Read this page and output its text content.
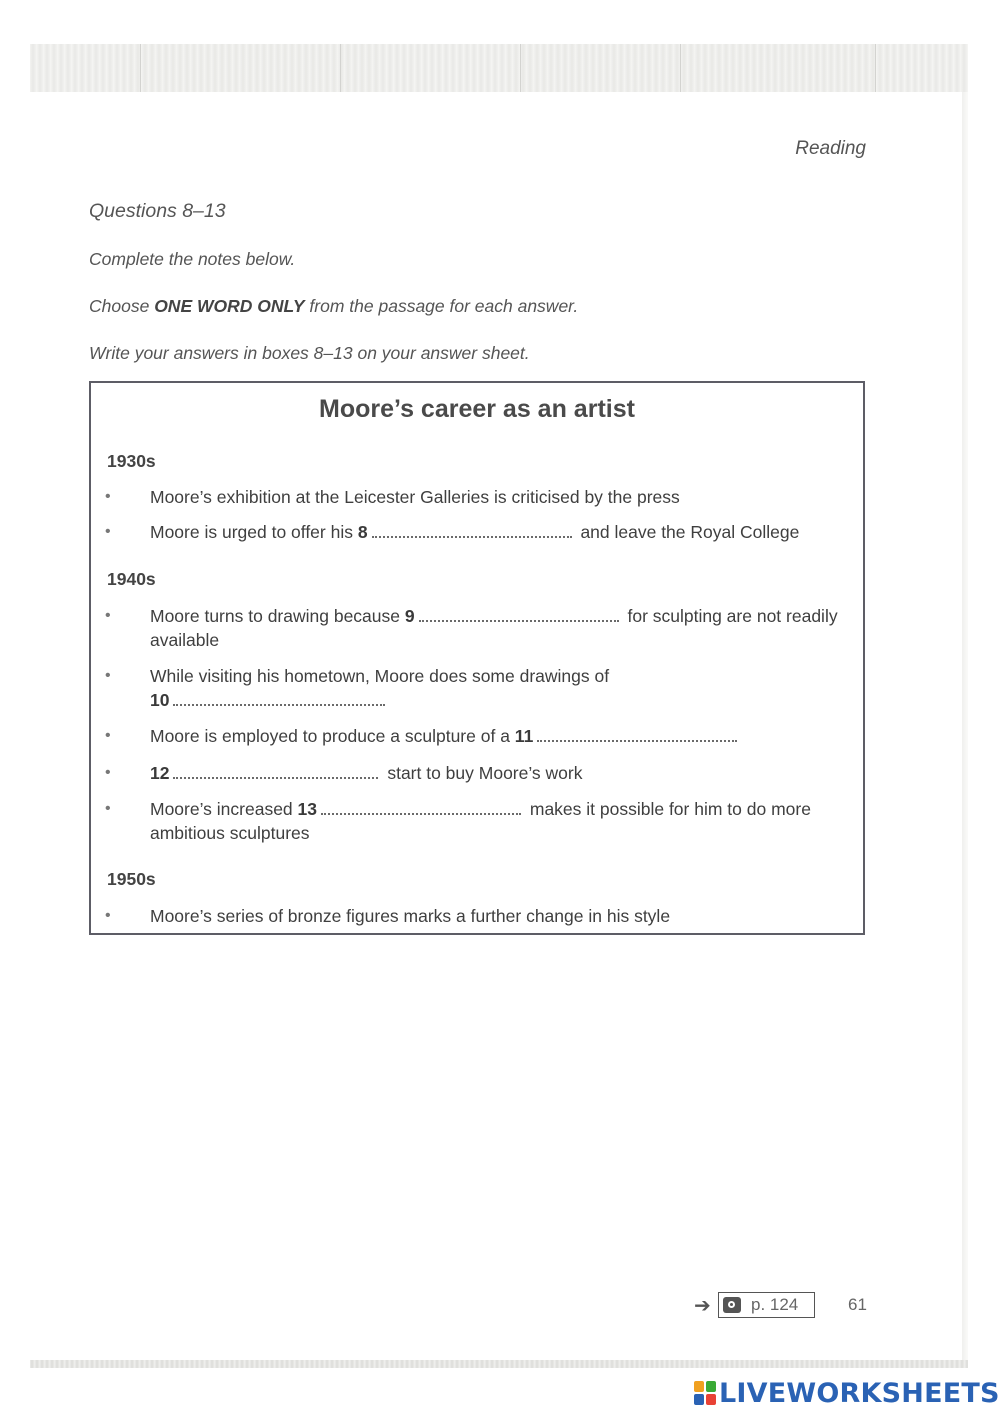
Reading
Questions 8–13
Complete the notes below.
Choose ONE WORD ONLY from the passage for each answer.
Write your answers in boxes 8–13 on your answer sheet.
Moore’s career as an artist
1930s
•	Moore’s exhibition at the Leicester Galleries is criticised by the press
•	Moore is urged to offer his 8	and leave the Royal College
1940s
•	Moore turns to drawing because 9	for sculpting are not readily available
•	While visiting his hometown, Moore does some drawings of
10
•	Moore is employed to produce a sculpture of a 11
•	12	start to buy Moore’s work
•	Moore’s increased 13	makes it possible for him to do more ambitious sculptures
1950s
•	Moore’s series of bronze figures marks a further change in his style
➔	p. 124	61
LIVEWORKSHEETS
